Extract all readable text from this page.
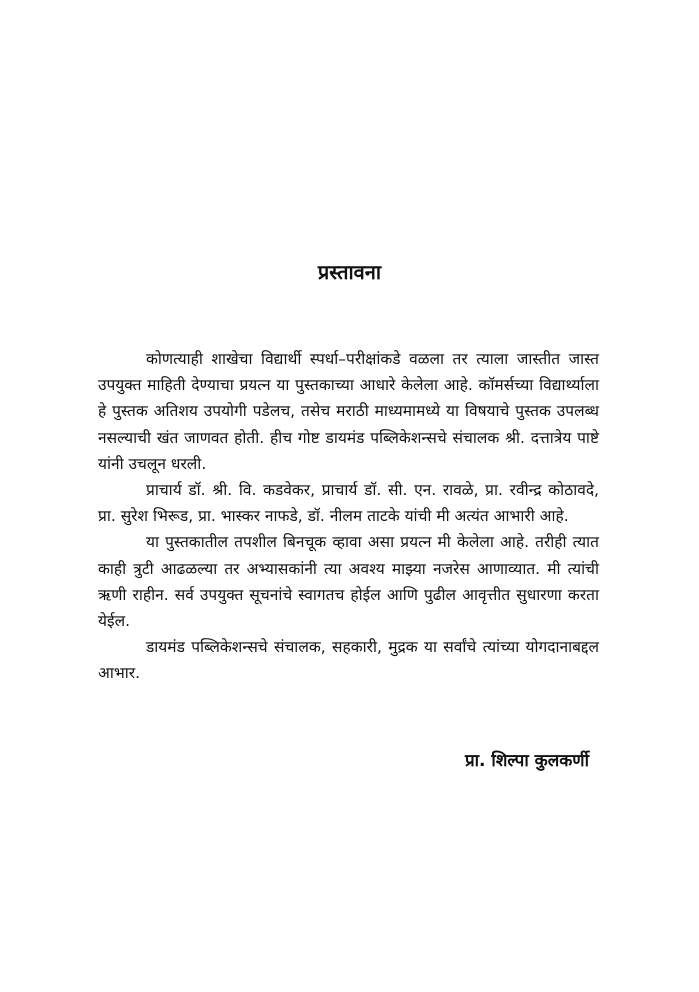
प्रस्तावना

कोणत्याही शाखेचा विद्यार्थी स्पर्धा–परीक्षांकडे वळला तर त्याला जास्तीत जास्त उपयुक्त माहिती देण्याचा प्रयत्न या पुस्तकाच्या आधारे केलेला आहे. कॉमर्सच्या विद्यार्थ्याला हे पुस्तक अतिशय उपयोगी पडेलच, तसेच मराठी माध्यमामध्ये या विषयाचे पुस्तक उपलब्ध नसल्याची खंत जाणवत होती. हीच गोष्ट डायमंड पब्लिकेशन्सचे संचालक श्री. दत्तात्रेय पाष्टे यांनी उचलून धरली.

प्राचार्य डॉ. श्री. वि. कडवेकर, प्राचार्य डॉ. सी. एन. रावळे, प्रा. रवीन्द्र कोठावदे, प्रा. सुरेश भिरूड, प्रा. भास्कर नाफडे, डॉ. नीलम ताटके यांची मी अत्यंत आभारी आहे.

या पुस्तकातील तपशील बिनचूक व्हावा असा प्रयत्न मी केलेला आहे. तरीही त्यात काही त्रुटी आढळल्या तर अभ्यासकांनी त्या अवश्य माझ्या नजरेस आणाव्यात. मी त्यांची ऋणी राहीन. सर्व उपयुक्त सूचनांचे स्वागतच होईल आणि पुढील आवृत्तीत सुधारणा करता येईल.

डायमंड पब्लिकेशन्सचे संचालक, सहकारी, मुद्रक या सर्वांचे त्यांच्या योगदानाबद्दल आभार.

प्रा. शिल्पा कुलकर्णी
